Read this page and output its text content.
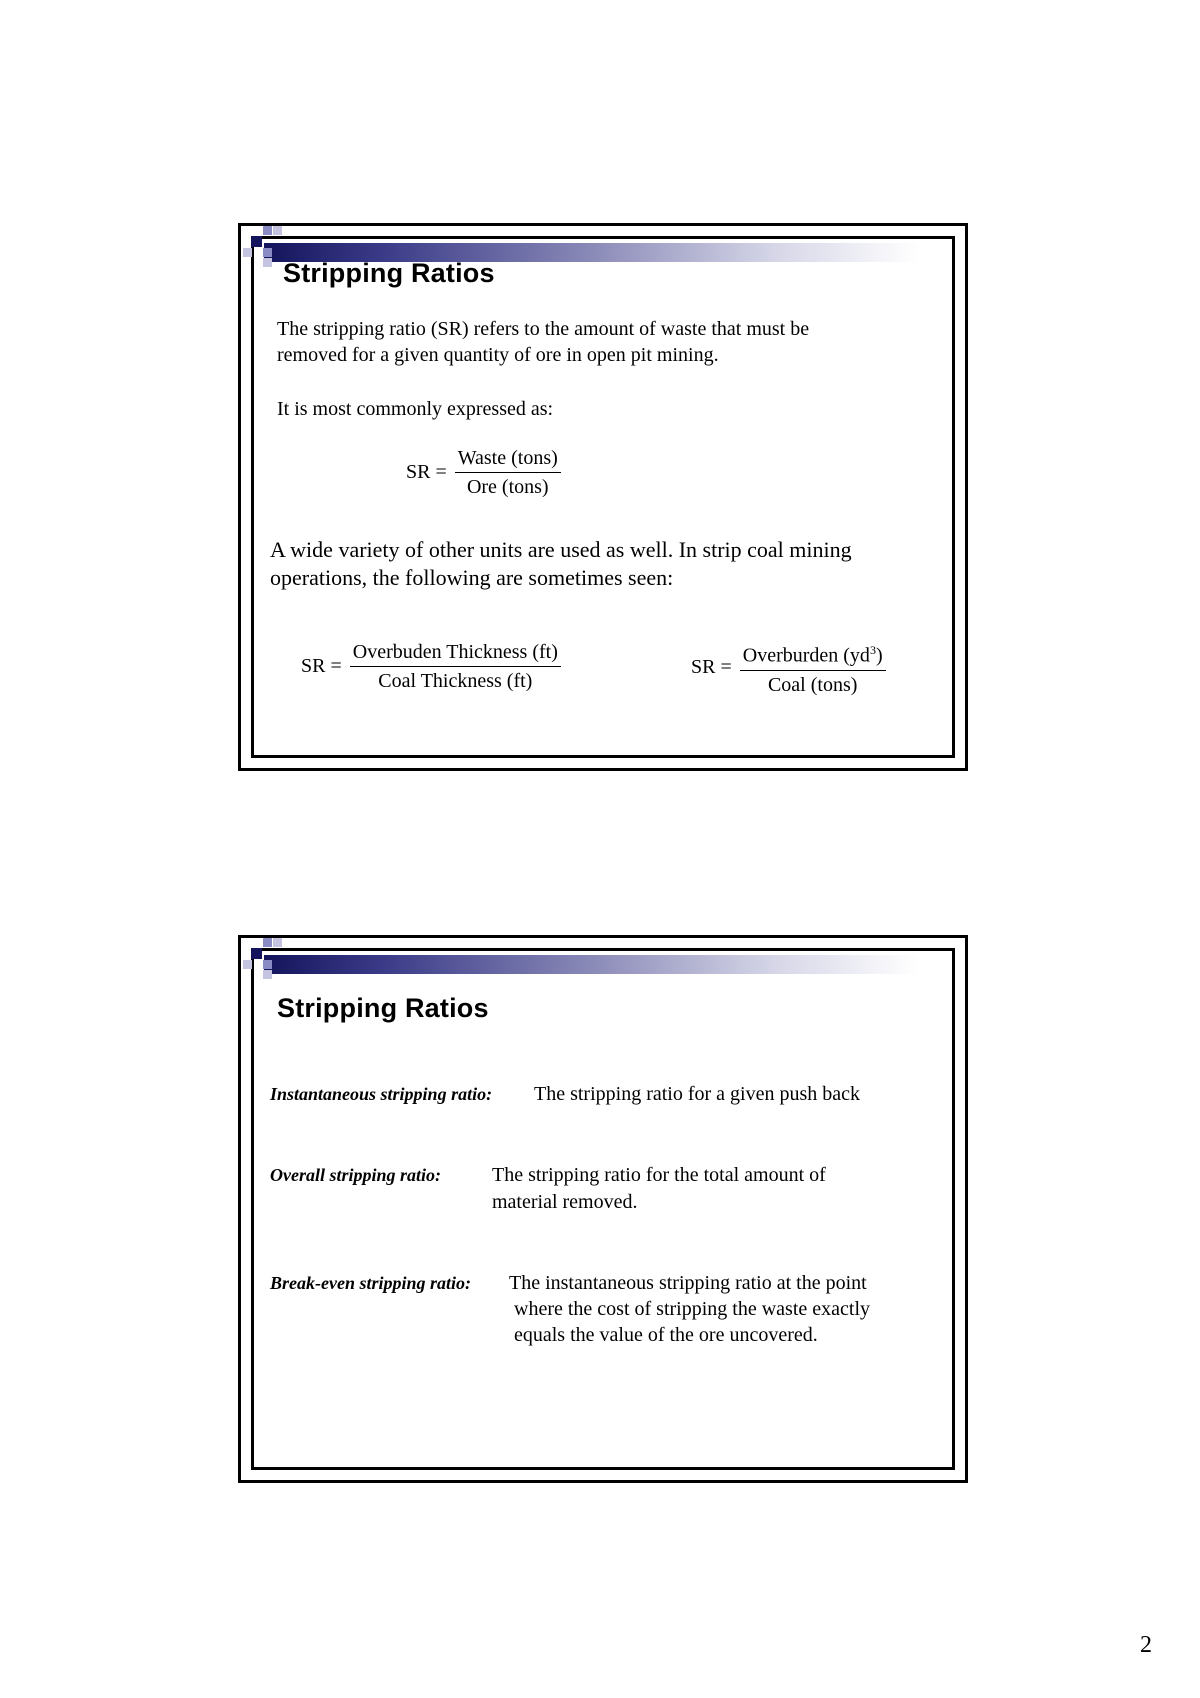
Stripping Ratios
The stripping ratio (SR) refers to the amount of waste that must be
removed for a given quantity of ore in open pit mining.
It is most commonly expressed as:
SR = $\frac{\text{Waste (tons)}}{\text{Ore (tons)}}$
A wide variety of other units are used as well. In strip coal mining
operations, the following are sometimes seen:
SR = $\frac{\text{Overbuden Thickness (ft)}}{\text{Coal Thickness (ft)}}$	SR = $\frac{Overburden (yd^3)}{\text{Coal (tons)}}$
Stripping Ratios
Instantaneous stripping ratio: The stripping ratio for a given push back
Overall stripping ratio:	The stripping ratio for the total amount of
material removed.
Break-even stripping ratio: The instantaneous stripping ratio at the point
where the cost of stripping the waste exactly
equals the value of the ore uncovered.
2
